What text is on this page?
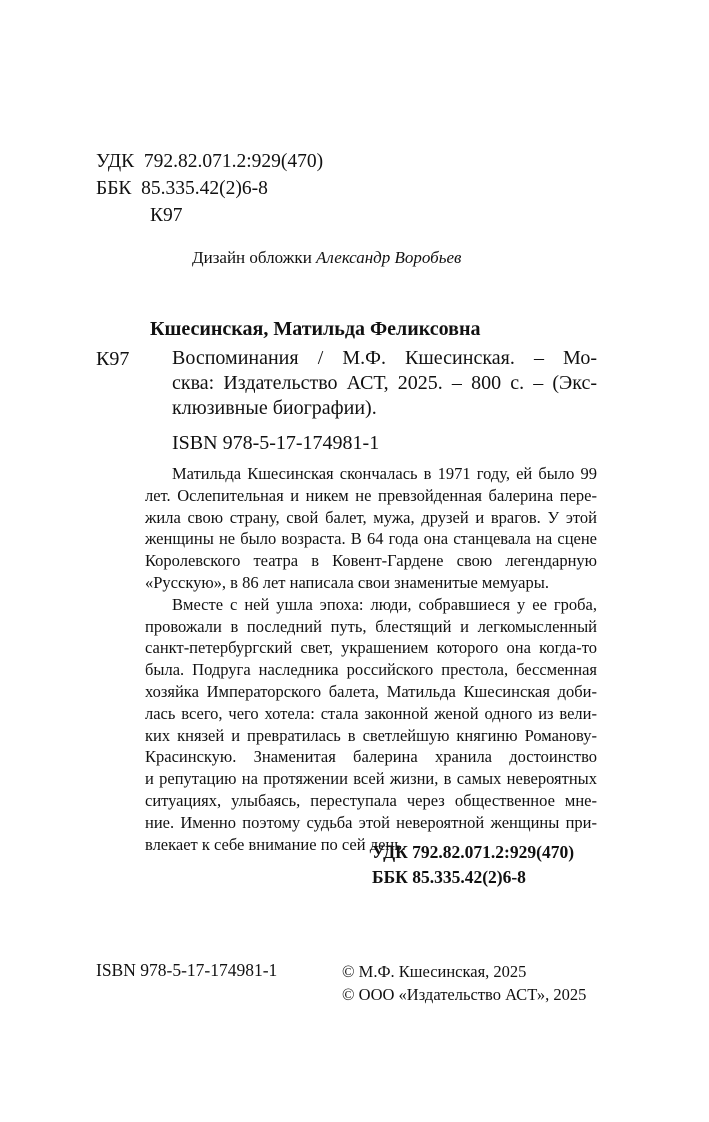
УДК  792.82.071.2:929(470)
ББК  85.335.42(2)6-8
К97
Дизайн обложки Александр Воробьев
Кшесинская, Матильда Феликсовна
К97 Воспоминания / М.Ф. Кшесинская. – Мо-
сква: Издательство АСТ, 2025. – 800 с. – (Экс-
клюзивные биографии).
ISBN 978-5-17-174981-1
Матильда Кшесинская скончалась в 1971 году, ей было 99
лет. Ослепительная и никем не превзойденная балерина пере-
жила свою страну, свой балет, мужа, друзей и врагов. У этой
женщины не было возраста. В 64 года она станцевала на сцене
Королевского театра в Ковент-Гардене свою легендарную
«Русскую», в 86 лет написала свои знаменитые мемуары.
Вместе с ней ушла эпоха: люди, собравшиеся у ее гроба,
провожали в последний путь, блестящий и легкомысленный
санкт-петербургский свет, украшением которого она когда-то
была. Подруга наследника российского престола, бессменная
хозяйка Императорского балета, Матильда Кшесинская доби-
лась всего, чего хотела: стала законной женой одного из вели-
ких князей и превратилась в светлейшую княгиню Романову-
Красинскую. Знаменитая балерина хранила достоинство
и репутацию на протяжении всей жизни, в самых невероятных
ситуациях, улыбаясь, переступала через общественное мне-
ние. Именно поэтому судьба этой невероятной женщины при-
влекает к себе внимание по сей день.
УДК 792.82.071.2:929(470)
ББК 85.335.42(2)6-8
ISBN 978-5-17-174981-1	© М.Ф. Кшесинская, 2025
© ООО «Издательство АСТ», 2025
